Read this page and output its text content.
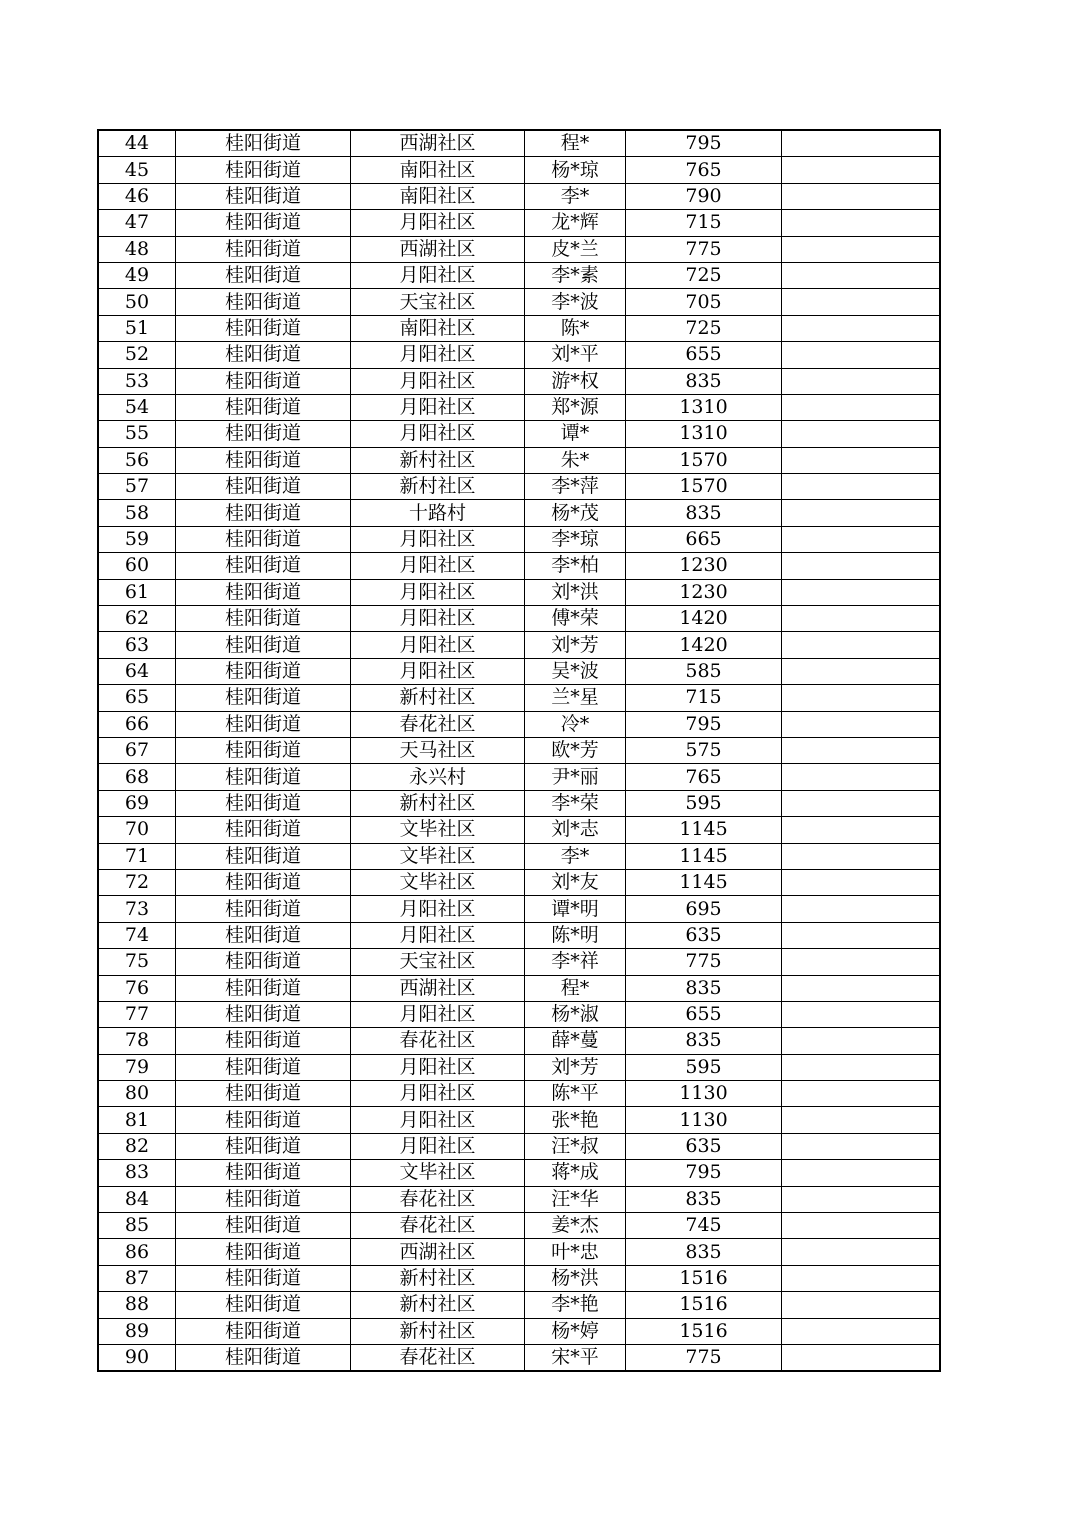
44	桂阳街道	西湖社区	程*	795	
45	桂阳街道	南阳社区	杨*琼	765	
46	桂阳街道	南阳社区	李*	790	
47	桂阳街道	月阳社区	龙*辉	715	
48	桂阳街道	西湖社区	皮*兰	775	
49	桂阳街道	月阳社区	李*素	725	
50	桂阳街道	天宝社区	李*波	705	
51	桂阳街道	南阳社区	陈*	725	
52	桂阳街道	月阳社区	刘*平	655	
53	桂阳街道	月阳社区	游*权	835	
54	桂阳街道	月阳社区	郑*源	1310	
55	桂阳街道	月阳社区	谭*	1310	
56	桂阳街道	新村社区	朱*	1570	
57	桂阳街道	新村社区	李*萍	1570	
58	桂阳街道	十路村	杨*茂	835	
59	桂阳街道	月阳社区	李*琼	665	
60	桂阳街道	月阳社区	李*柏	1230	
61	桂阳街道	月阳社区	刘*洪	1230	
62	桂阳街道	月阳社区	傅*荣	1420	
63	桂阳街道	月阳社区	刘*芳	1420	
64	桂阳街道	月阳社区	吴*波	585	
65	桂阳街道	新村社区	兰*星	715	
66	桂阳街道	春花社区	冷*	795	
67	桂阳街道	天马社区	欧*芳	575	
68	桂阳街道	永兴村	尹*丽	765	
69	桂阳街道	新村社区	李*荣	595	
70	桂阳街道	文毕社区	刘*志	1145	
71	桂阳街道	文毕社区	李*	1145	
72	桂阳街道	文毕社区	刘*友	1145	
73	桂阳街道	月阳社区	谭*明	695	
74	桂阳街道	月阳社区	陈*明	635	
75	桂阳街道	天宝社区	李*祥	775	
76	桂阳街道	西湖社区	程*	835	
77	桂阳街道	月阳社区	杨*淑	655	
78	桂阳街道	春花社区	薛*蔓	835	
79	桂阳街道	月阳社区	刘*芳	595	
80	桂阳街道	月阳社区	陈*平	1130	
81	桂阳街道	月阳社区	张*艳	1130	
82	桂阳街道	月阳社区	汪*叔	635	
83	桂阳街道	文毕社区	蒋*成	795	
84	桂阳街道	春花社区	汪*华	835	
85	桂阳街道	春花社区	姜*杰	745	
86	桂阳街道	西湖社区	叶*忠	835	
87	桂阳街道	新村社区	杨*洪	1516	
88	桂阳街道	新村社区	李*艳	1516	
89	桂阳街道	新村社区	杨*婷	1516	
90	桂阳街道	春花社区	宋*平	775	
